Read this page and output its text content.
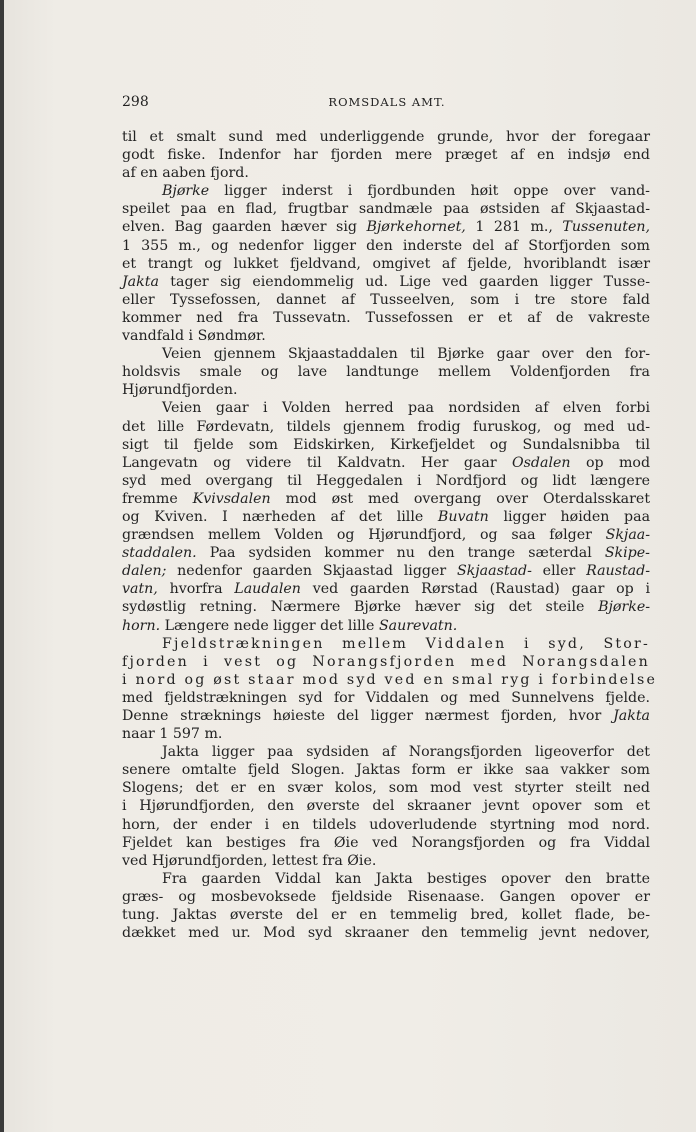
298	ROMSDALS AMT.
til et smalt sund med underliggende grunde, hvor der foregaar
godt fiske. Indenfor har fjorden mere præget af en indsjø end
af en aaben fjord.
Bjørke ligger inderst i fjordbunden høit oppe over vand-
speilet paa en flad, frugtbar sandmæle paa østsiden af Skjaastad-
elven. Bag gaarden hæver sig Bjørkehornet, 1 281 m., Tussenuten,
1 355 m., og nedenfor ligger den inderste del af Storfjorden som
et trangt og lukket fjeldvand, omgivet af fjelde, hvoriblandt især
Jakta tager sig eiendommelig ud. Lige ved gaarden ligger Tusse-
eller Tyssefossen, dannet af Tusseelven, som i tre store fald
kommer ned fra Tussevatn. Tussefossen er et af de vakreste
vandfald i Søndmør.
Veien gjennem Skjaastaddalen til Bjørke gaar over den for-
holdsvis smale og lave landtunge mellem Voldenfjorden fra
Hjørundfjorden.
Veien gaar i Volden herred paa nordsiden af elven forbi
det lille Førdevatn, tildels gjennem frodig furuskog, og med ud-
sigt til fjelde som Eidskirken, Kirkefjeldet og Sundalsnibba til
Langevatn og videre til Kaldvatn. Her gaar Osdalen op mod
syd med overgang til Heggedalen i Nordfjord og lidt længere
fremme Kvivsdalen mod øst med overgang over Oterdalsskaret
og Kviven. I nærheden af det lille Buvatn ligger høiden paa
grændsen mellem Volden og Hjørundfjord, og saa følger Skjaa-
staddalen. Paa sydsiden kommer nu den trange sæterdal Skipe-
dalen; nedenfor gaarden Skjaastad ligger Skjaastad- eller Raustad-
vatn, hvorfra Laudalen ved gaarden Rørstad (Raustad) gaar op i
sydøstlig retning. Nærmere Bjørke hæver sig det steile Bjørke-
horn. Længere nede ligger det lille Saurevatn.
Fjeldstrækningen mellem Viddalen i syd, Stor-
fjorden i vest og Norangsfjorden med Norangsdalen
i nord og øst staar mod syd ved en smal ryg i forbindelse
med fjeldstrækningen syd for Viddalen og med Sunnelvens fjelde.
Denne stræknings høieste del ligger nærmest fjorden, hvor Jakta
naar 1 597 m.
Jakta ligger paa sydsiden af Norangsfjorden ligeoverfor det
senere omtalte fjeld Slogen. Jaktas form er ikke saa vakker som
Slogens; det er en svær kolos, som mod vest styrter steilt ned
i Hjørundfjorden, den øverste del skraaner jevnt opover som et
horn, der ender i en tildels udoverludende styrtning mod nord.
Fjeldet kan bestiges fra Øie ved Norangsfjorden og fra Viddal
ved Hjørundfjorden, lettest fra Øie.
Fra gaarden Viddal kan Jakta bestiges opover den bratte
græs- og mosbevoksede fjeldside Risenaase. Gangen opover er
tung. Jaktas øverste del er en temmelig bred, kollet flade, be-
dækket med ur. Mod syd skraaner den temmelig jevnt nedover,
